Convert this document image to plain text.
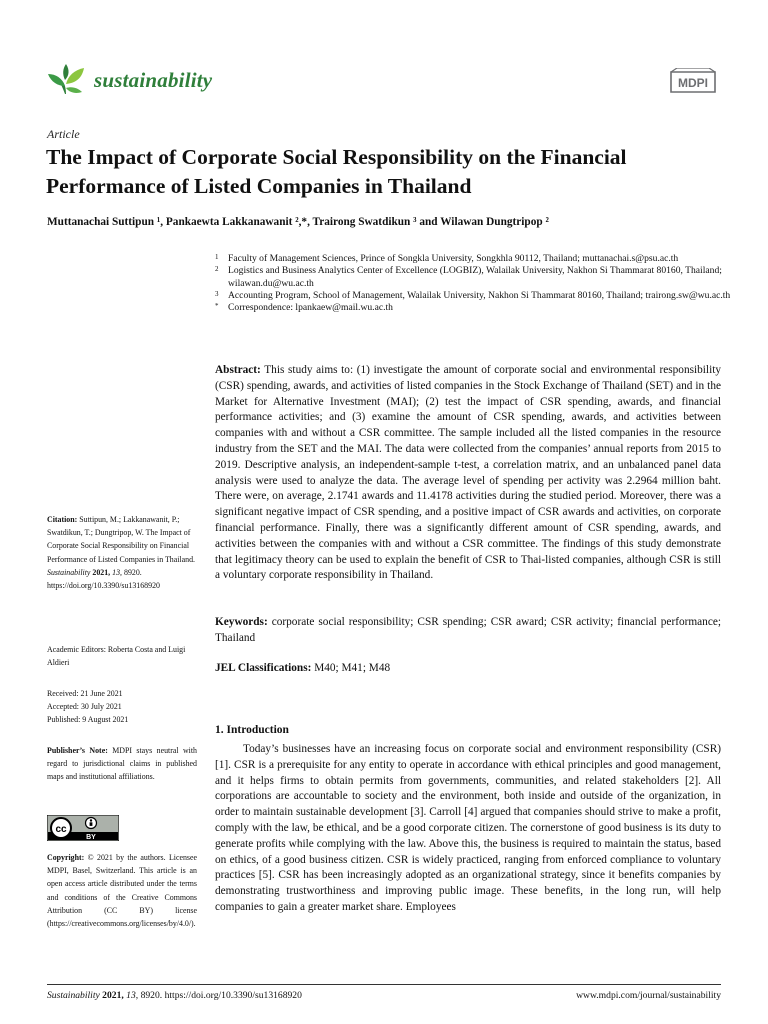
sustainability	MDPI
Article
The Impact of Corporate Social Responsibility on the Financial Performance of Listed Companies in Thailand
Muttanachai Suttipun ¹, Pankaewta Lakkanawanit ²,*, Trairong Swatdikun ³ and Wilawan Dungtripop ²
1 Faculty of Management Sciences, Prince of Songkla University, Songkhla 90112, Thailand; muttanachai.s@psu.ac.th
2 Logistics and Business Analytics Center of Excellence (LOGBIZ), Walailak University, Nakhon Si Thammarat 80160, Thailand; wilawan.du@wu.ac.th
3 Accounting Program, School of Management, Walailak University, Nakhon Si Thammarat 80160, Thailand; trairong.sw@wu.ac.th
* Correspondence: lpankaew@mail.wu.ac.th
Abstract: This study aims to: (1) investigate the amount of corporate social and environmental responsibility (CSR) spending, awards, and activities of listed companies in the Stock Exchange of Thailand (SET) and in the Market for Alternative Investment (MAI); (2) test the impact of CSR spending, awards, and financial performance activities; and (3) examine the amount of CSR spending, awards, and activities between companies with and without a CSR committee. The sample included all the listed companies in the resource industry from the SET and the MAI. The data were collected from the companies’ annual reports from 2015 to 2019. Descriptive analysis, an independent-sample t-test, a correlation matrix, and an unbalanced panel data analysis were used to analyze the data. The average level of spending per activity was 2.2964 million baht. There were, on average, 2.1741 awards and 11.4178 activities during the studied period. Moreover, there was a significant negative impact of CSR spending, and a positive impact of CSR awards and activities, on corporate financial performance. Finally, there was a significantly different amount of CSR spending, awards, and activities between the companies with and without a CSR committee. The findings of this study demonstrate that legitimacy theory can be used to explain the benefit of CSR to Thai-listed companies, although CSR is still a voluntary corporate responsibility in Thailand.
Keywords: corporate social responsibility; CSR spending; CSR award; CSR activity; financial performance; Thailand
JEL Classifications: M40; M41; M48
1. Introduction
Today’s businesses have an increasing focus on corporate social and environment responsibility (CSR) [1]. CSR is a prerequisite for any entity to operate in accordance with ethical principles and good management, and it helps firms to obtain permits from governments, communities, and related stakeholders [2]. All corporations are accountable to society and the environment, both inside and outside of the organization, in order to maintain sustainable development [3]. Carroll [4] argued that companies should strive to make a profit, comply with the law, be ethical, and be a good corporate citizen. The cornerstone of good business is its duty to generate profits while complying with the law. Above this, the business is required to maintain the status, based on ethics, of a good business citizen. CSR is widely practiced, ranging from enforced compliance to voluntary practices [5]. CSR has been increasingly adopted as an organizational strategy, since it benefits companies by demonstrating trustworthiness and improving public image. These benefits, in the long run, will help companies to gain a greater market share. Employees
Citation: Suttipun, M.; Lakkanawanit, P.; Swatdikun, T.; Dungtripop, W. The Impact of Corporate Social Responsibility on Financial Performance of Listed Companies in Thailand. Sustainability 2021, 13, 8920. https://doi.org/10.3390/su13168920
Academic Editors: Roberta Costa and Luigi Aldieri
Received: 21 June 2021
Accepted: 30 July 2021
Published: 9 August 2021
Publisher’s Note: MDPI stays neutral with regard to jurisdictional claims in published maps and institutional affiliations.
cc
BY
Copyright: © 2021 by the authors. Licensee MDPI, Basel, Switzerland. This article is an open access article distributed under the terms and conditions of the Creative Commons Attribution (CC BY) license (https://creativecommons.org/licenses/by/4.0/).
Sustainability 2021, 13, 8920. https://doi.org/10.3390/su13168920	www.mdpi.com/journal/sustainability
